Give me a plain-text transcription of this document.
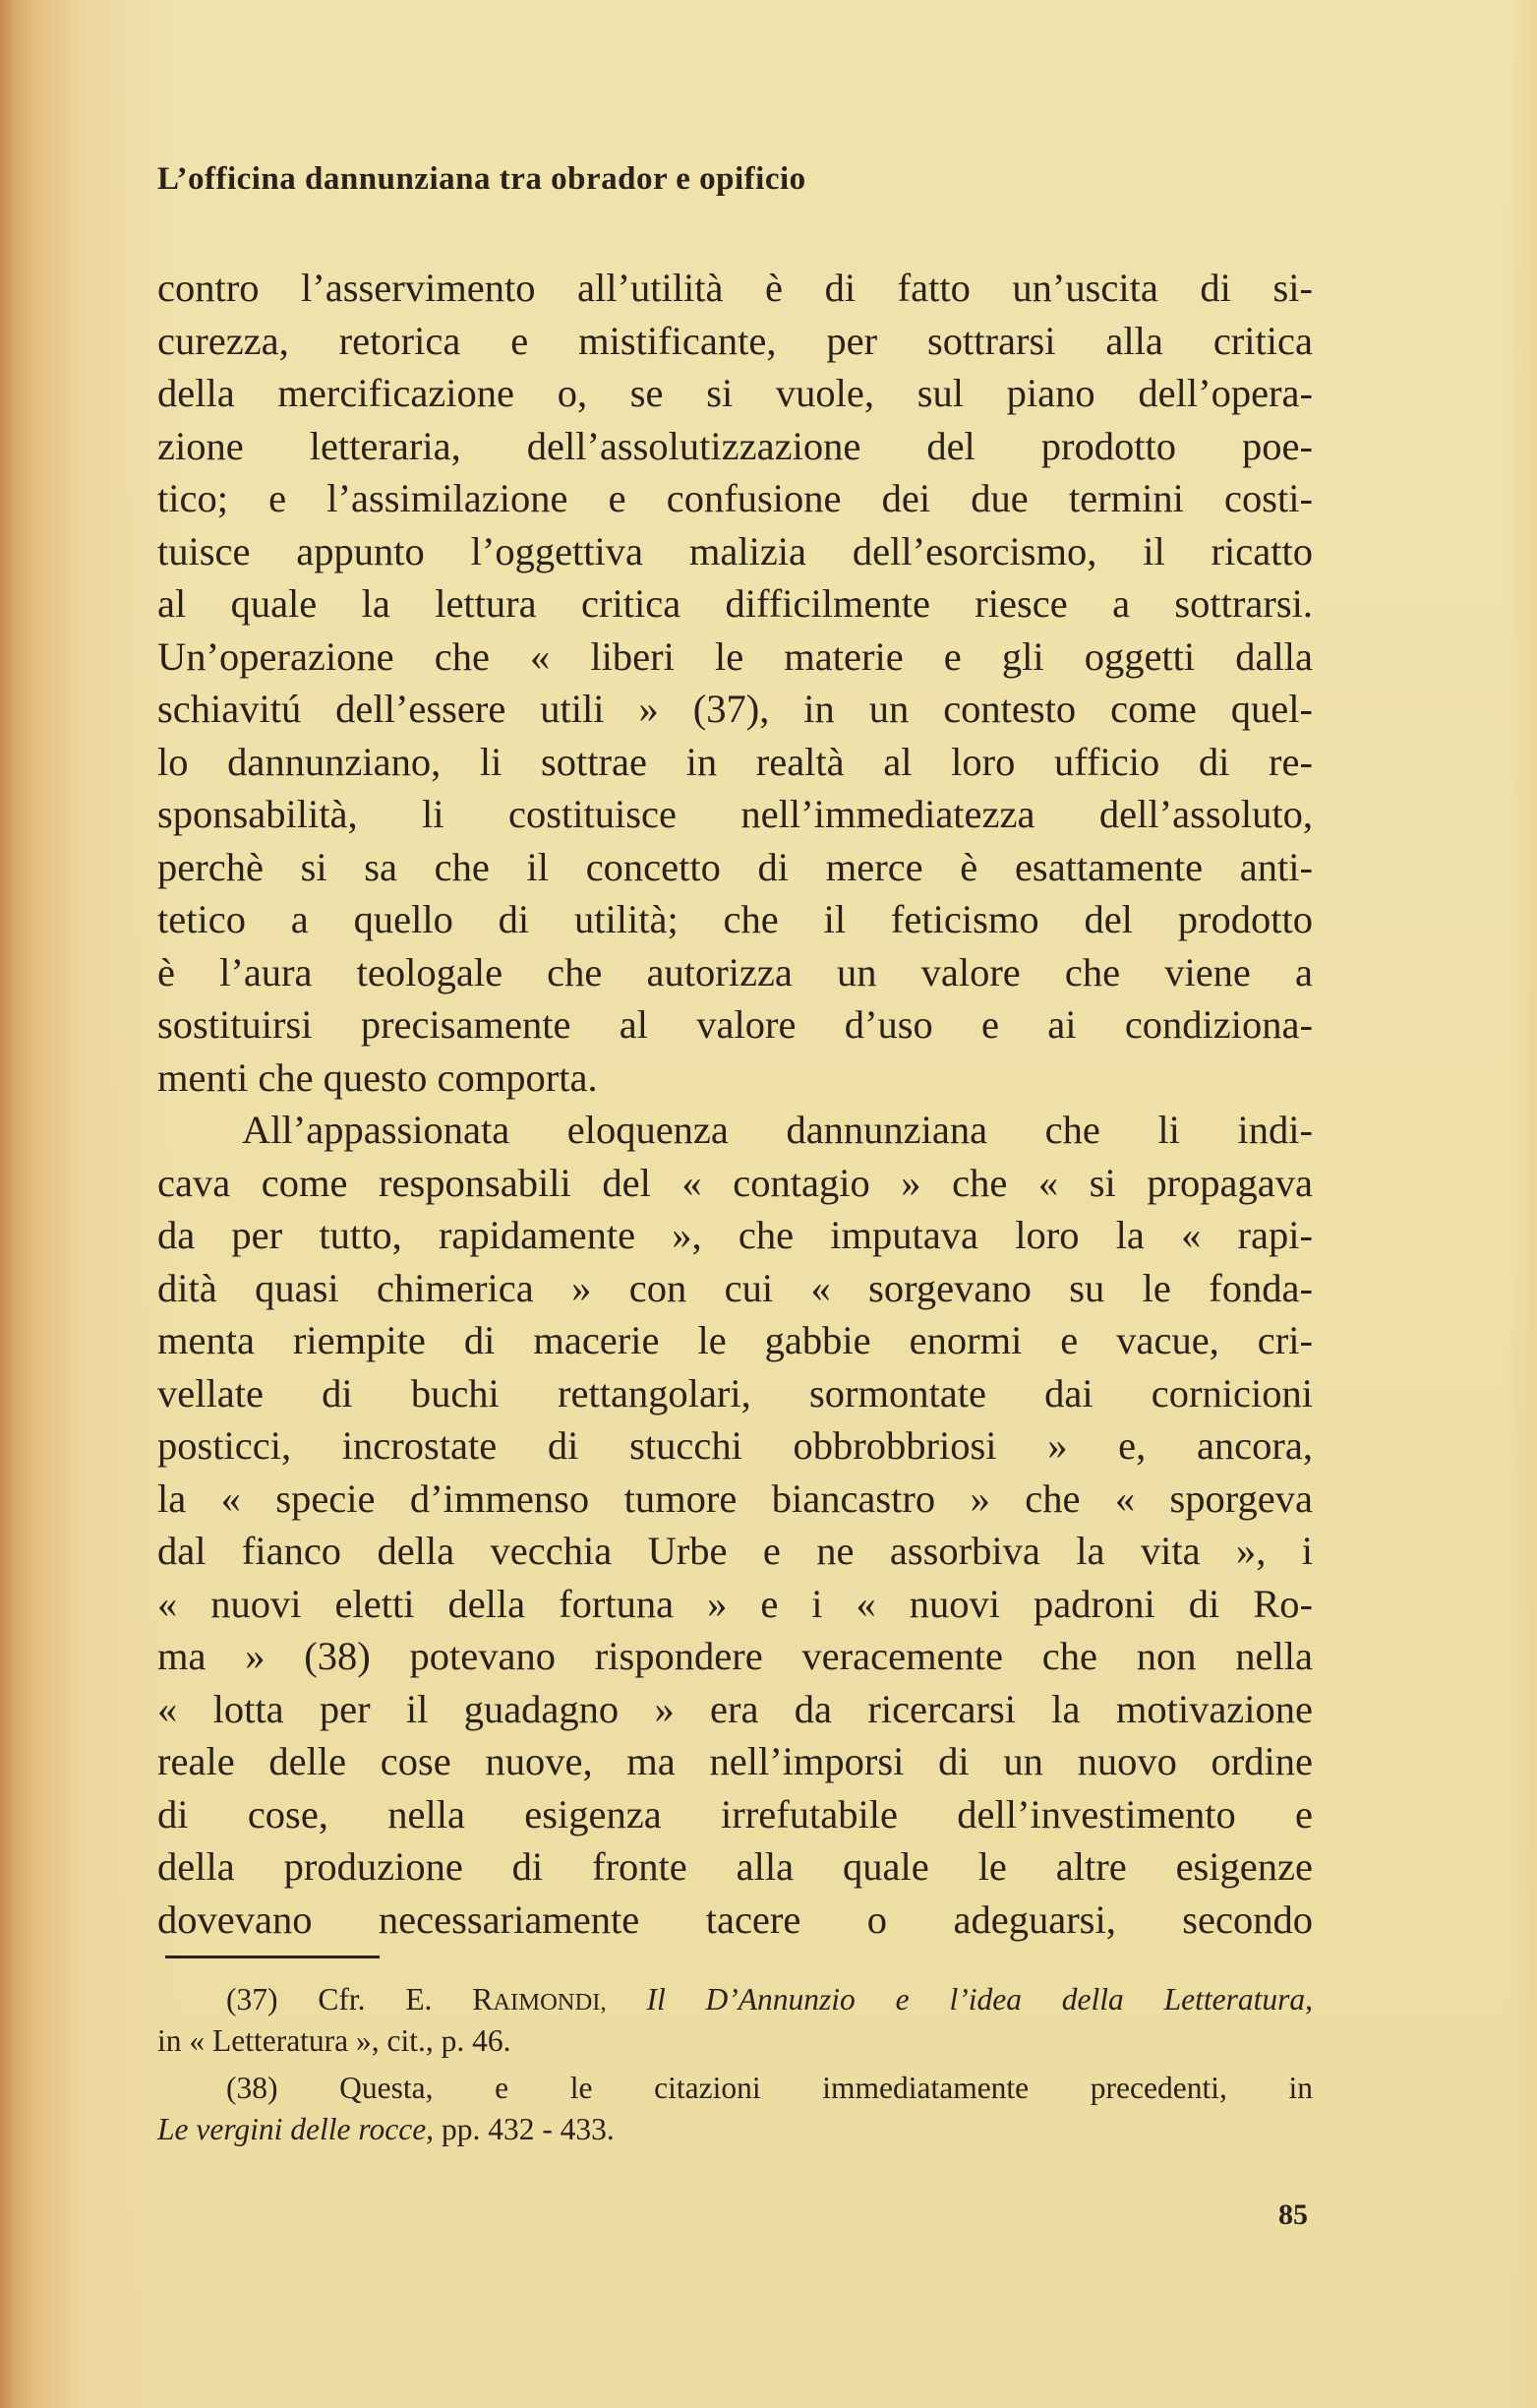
L’officina dannunziana tra obrador e opificio
contro l’asservimento all’utilità è di fatto un’uscita di si-
curezza, retorica e mistificante, per sottrarsi alla critica
della mercificazione o, se si vuole, sul piano dell’opera-
zione letteraria, dell’assolutizzazione del prodotto poe-
tico; e l’assimilazione e confusione dei due termini costi-
tuisce appunto l’oggettiva malizia dell’esorcismo, il ricatto
al quale la lettura critica difficilmente riesce a sottrarsi.
Un’operazione che « liberi le materie e gli oggetti dalla
schiavitú dell’essere utili » (37), in un contesto come quel-
lo dannunziano, li sottrae in realtà al loro ufficio di re-
sponsabilità, li costituisce nell’immediatezza dell’assoluto,
perchè si sa che il concetto di merce è esattamente anti-
tetico a quello di utilità; che il feticismo del prodotto
è l’aura teologale che autorizza un valore che viene a
sostituirsi precisamente al valore d’uso e ai condiziona-
menti che questo comporta.
All’appassionata eloquenza dannunziana che li indi-
cava come responsabili del « contagio » che « si propagava
da per tutto, rapidamente », che imputava loro la « rapi-
dità quasi chimerica » con cui « sorgevano su le fonda-
menta riempite di macerie le gabbie enormi e vacue, cri-
vellate di buchi rettangolari, sormontate dai cornicioni
posticci, incrostate di stucchi obbrobbriosi » e, ancora,
la « specie d’immenso tumore biancastro » che « sporgeva
dal fianco della vecchia Urbe e ne assorbiva la vita », i
« nuovi eletti della fortuna » e i « nuovi padroni di Ro-
ma » (38) potevano rispondere veracemente che non nella
« lotta per il guadagno » era da ricercarsi la motivazione
reale delle cose nuove, ma nell’imporsi di un nuovo ordine
di cose, nella esigenza irrefutabile dell’investimento e
della produzione di fronte alla quale le altre esigenze
dovevano necessariamente tacere o adeguarsi, secondo
(37) Cfr. E. RAIMONDI, Il D’Annunzio e l’idea della Letteratura,
in « Letteratura », cit., p. 46.
(38) Questa, e le citazioni immediatamente precedenti, in
Le vergini delle rocce, pp. 432 - 433.
85
